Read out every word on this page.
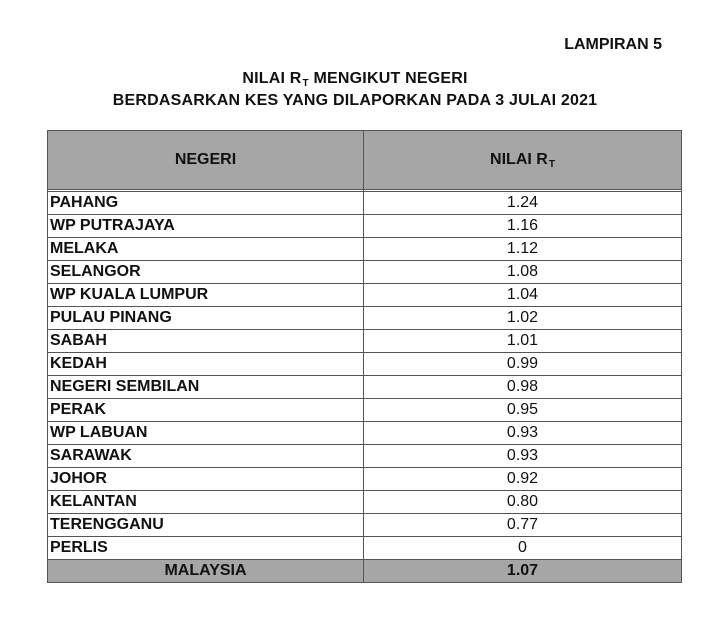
LAMPIRAN 5
NILAI $R_T$ MENGIKUT NEGERI
BERDASARKAN KES YANG DILAPORKAN PADA 3 JULAI 2021
NEGERI	NILAI $R_T$

PAHANG	1.24
WP PUTRAJAYA	1.16
MELAKA	1.12
SELANGOR	1.08
WP KUALA LUMPUR	1.04
PULAU PINANG	1.02
SABAH	1.01
KEDAH	0.99
NEGERI SEMBILAN	0.98
PERAK	0.95
WP LABUAN	0.93
SARAWAK	0.93
JOHOR	0.92
KELANTAN	0.80
TERENGGANU	0.77
PERLIS	0
MALAYSIA	1.07
